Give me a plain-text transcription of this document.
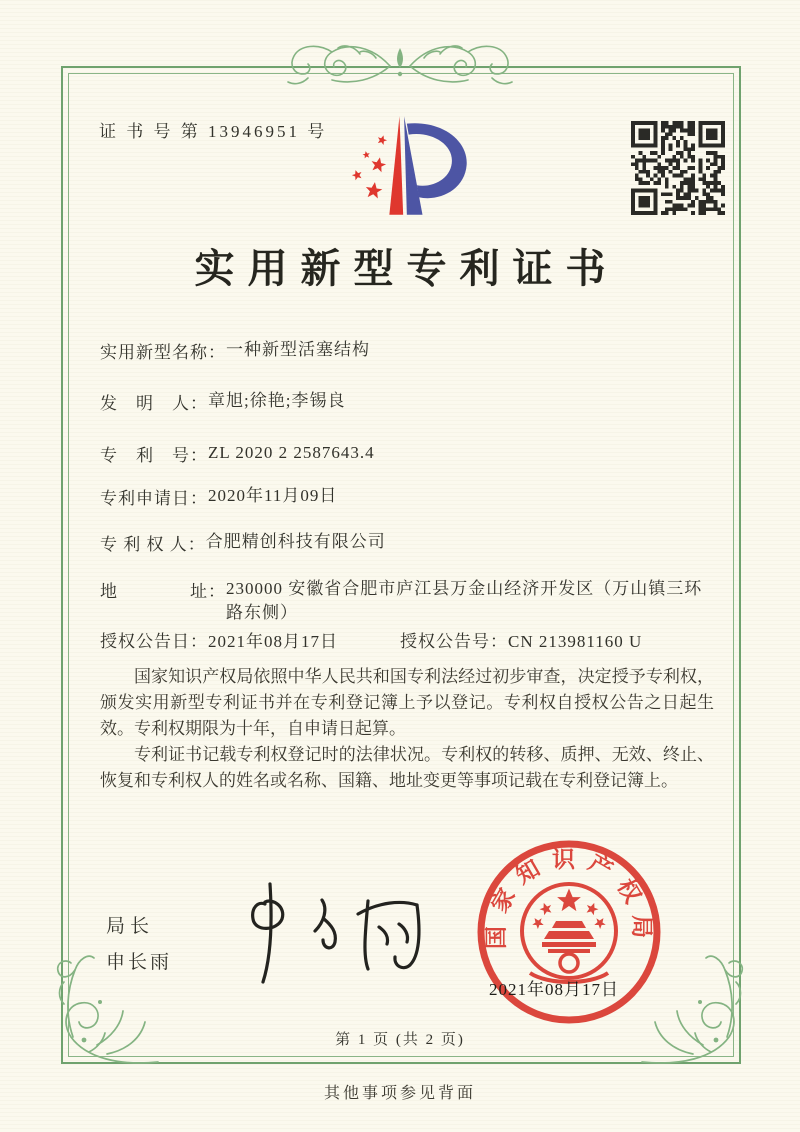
证 书 号 第 13946951 号
实用新型专利证书
实用新型名称： 一种新型活塞结构
发　明　人： 章旭;徐艳;李锡良
专　利　号： ZL 2020 2 2587643.4
专利申请日： 2020年11月09日
专 利 权 人： 合肥精创科技有限公司
地　　　　址： 230000 安徽省合肥市庐江县万金山经济开发区（万山镇三环路东侧）
授权公告日：2021年08月17日	授权公告号：CN 213981160 U

国家知识产权局依照中华人民共和国专利法经过初步审查，决定授予专利权，颁发实用新型专利证书并在专利登记簿上予以登记。专利权自授权公告之日起生效。专利权期限为十年，自申请日起算。

专利证书记载专利权登记时的法律状况。专利权的转移、质押、无效、终止、恢复和专利权人的姓名或名称、国籍、地址变更等事项记载在专利登记簿上。

局长
申长雨
国家知识产权局
2021年08月17日
第 1 页 (共 2 页)
其他事项参见背面
